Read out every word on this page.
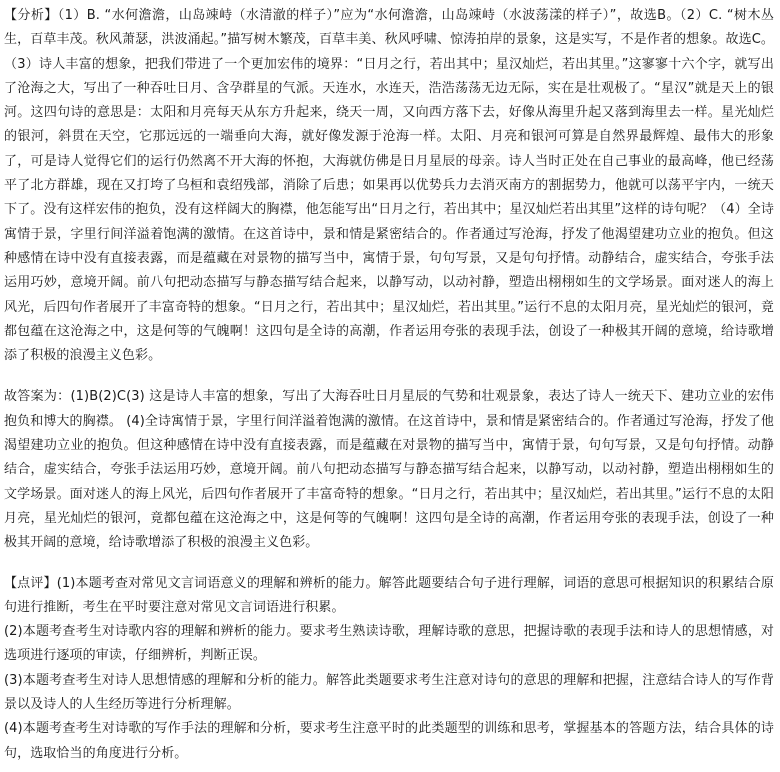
【分析】（1）B. “水何澹澹，山岛竦峙（水清澈的样子）”应为“水何澹澹，山岛竦峙（水波荡漾的样子）”，故选B。（2）C. “树木丛生，百草丰茂。秋风萧瑟，洪波涌起。”描写树木繁茂，百草丰美、秋风呼啸、惊涛拍岸的景象，这是实写，不是作者的想象。故选C。（3）诗人丰富的想象，把我们带进了一个更加宏伟的境界：“日月之行，若出其中；星汉灿烂，若出其里。”这寥寥十六个字，就写出了沧海之大，写出了一种吞吐日月、含孕群星的气派。天连水，水连天，浩浩荡荡无边无际，实在是壮观极了。“星汉”就是天上的银河。这四句诗的意思是：太阳和月亮每天从东方升起来，绕天一周，又向西方落下去，好像从海里升起又落到海里去一样。星光灿烂的银河，斜贯在天空，它那远远的一端垂向大海，就好像发源于沧海一样。太阳、月亮和银河可算是自然界最辉煌、最伟大的形象了，可是诗人觉得它们的运行仍然离不开大海的怀抱，大海就仿佛是日月星辰的母亲。诗人当时正处在自己事业的最高峰，他已经荡平了北方群雄，现在又打垮了乌桓和袁绍残部，消除了后患；如果再以优势兵力去消灭南方的割据势力，他就可以荡平宇内，一统天下了。没有这样宏伟的抱负，没有这样阔大的胸襟，他怎能写出“日月之行，若出其中；星汉灿烂若出其里”这样的诗句呢？（4）全诗寓情于景，字里行间洋溢着饱满的激情。在这首诗中，景和情是紧密结合的。作者通过写沧海，抒发了他渴望建功立业的抱负。但这种感情在诗中没有直接表露，而是蕴藏在对景物的描写当中，寓情于景，句句写景，又是句句抒情。动静结合，虚实结合，夸张手法运用巧妙，意境开阔。前八句把动态描写与静态描写结合起来，以静写动，以动衬静，塑造出栩栩如生的文学场景。面对迷人的海上风光，后四句作者展开了丰富奇特的想象。“日月之行，若出其中；星汉灿烂，若出其里。”运行不息的太阳月亮，星光灿烂的银河，竟都包蕴在这沧海之中，这是何等的气魄啊！这四句是全诗的高潮，作者运用夸张的表现手法，创设了一种极其开阔的意境，给诗歌增添了积极的浪漫主义色彩。

故答案为：(1)B(2)C(3) 这是诗人丰富的想象，写出了大海吞吐日月星辰的气势和壮观景象，表达了诗人一统天下、建功立业的宏伟抱负和博大的胸襟。 (4)全诗寓情于景，字里行间洋溢着饱满的激情。在这首诗中，景和情是紧密结合的。作者通过写沧海，抒发了他渴望建功立业的抱负。但这种感情在诗中没有直接表露，而是蕴藏在对景物的描写当中，寓情于景，句句写景，又是句句抒情。动静结合，虚实结合，夸张手法运用巧妙，意境开阔。前八句把动态描写与静态描写结合起来，以静写动，以动衬静，塑造出栩栩如生的文学场景。面对迷人的海上风光，后四句作者展开了丰富奇特的想象。“日月之行，若出其中；星汉灿烂，若出其里。”运行不息的太阳月亮，星光灿烂的银河，竟都包蕴在这沧海之中，这是何等的气魄啊！这四句是全诗的高潮，作者运用夸张的表现手法，创设了一种极其开阔的意境，给诗歌增添了积极的浪漫主义色彩。

【点评】(1)本题考查对常见文言词语意义的理解和辨析的能力。解答此题要结合句子进行理解，词语的意思可根据知识的积累结合原句进行推断，考生在平时要注意对常见文言词语进行积累。

(2)本题考查考生对诗歌内容的理解和辨析的能力。要求考生熟读诗歌，理解诗歌的意思，把握诗歌的表现手法和诗人的思想情感，对选项进行逐项的审读，仔细辨析，判断正误。

(3)本题考查考生对诗人思想情感的理解和分析的能力。解答此类题要求考生注意对诗句的意思的理解和把握，注意结合诗人的写作背景以及诗人的人生经历等进行分析理解。

(4)本题考查考生对诗歌的写作手法的理解和分析，要求考生注意平时的此类题型的训练和思考，掌握基本的答题方法，结合具体的诗句，选取恰当的角度进行分析。
